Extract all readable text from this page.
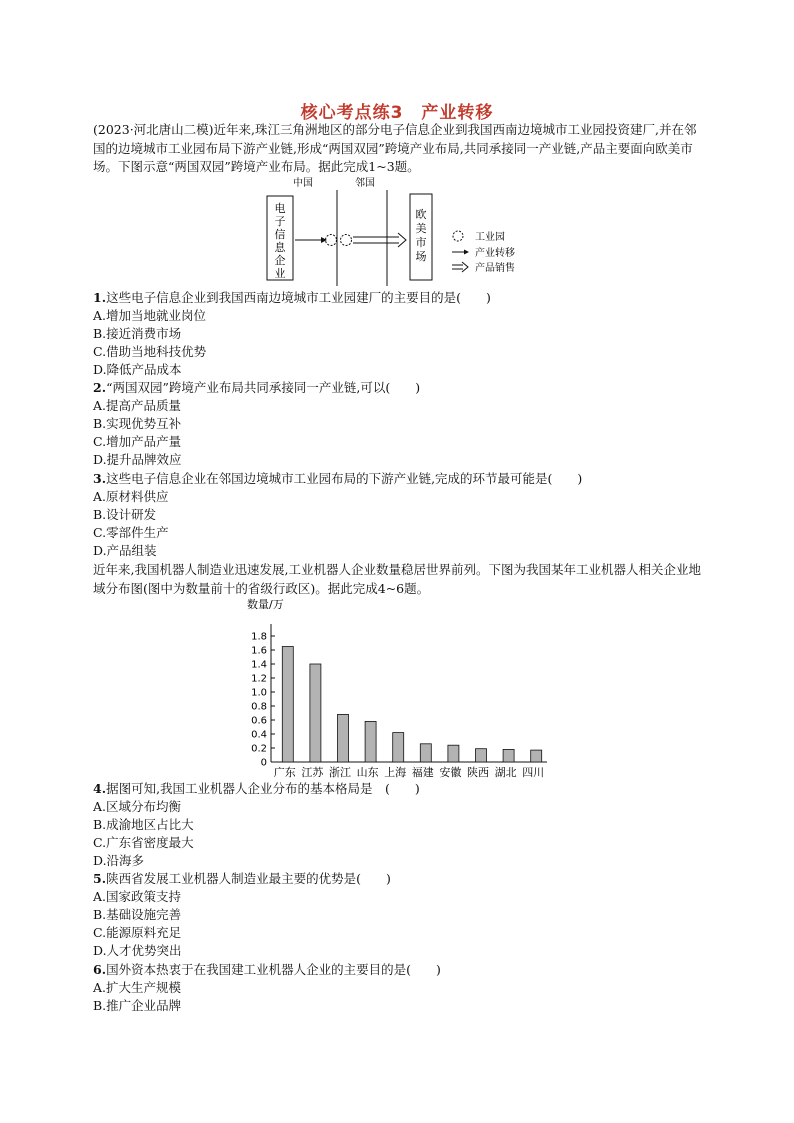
核心考点练3　产业转移
(2023·河北唐山二模)近年来,珠江三角洲地区的部分电子信息企业到我国西南边境城市工业园投资建厂,并在邻国的边境城市工业园布局下游产业链,形成“两国双园”跨境产业布局,共同承接同一产业链,产品主要面向欧美市场。下图示意“两国双园”跨境产业布局。据此完成1~3题。
中国	邻国
电
子
信
息
企
业
欧
美
市
场
工业园
产业转移
产品销售
1.这些电子信息企业到我国西南边境城市工业园建厂的主要目的是(　　)
A.增加当地就业岗位
B.接近消费市场
C.借助当地科技优势
D.降低产品成本
2.“两国双园”跨境产业布局共同承接同一产业链,可以(　　)
A.提高产品质量
B.实现优势互补
C.增加产品产量
D.提升品牌效应
3.这些电子信息企业在邻国边境城市工业园布局的下游产业链,完成的环节最可能是(　　)
A.原材料供应
B.设计研发
C.零部件生产
D.产品组装
近年来,我国机器人制造业迅速发展,工业机器人企业数量稳居世界前列。下图为我国某年工业机器人相关企业地域分布图(图中为数量前十的省级行政区)。据此完成4~6题。
数量/万
0
0.2
0.4
0.6
0.8
1.0
1.2
1.4
1.6
1.8
广东 江苏 浙江 山东 上海 福建 安徽 陕西 湖北 四川
4.据图可知,我国工业机器人企业分布的基本格局是　(　　)
A.区域分布均衡
B.成渝地区占比大
C.广东省密度最大
D.沿海多
5.陕西省发展工业机器人制造业最主要的优势是(　　)
A.国家政策支持
B.基础设施完善
C.能源原料充足
D.人才优势突出
6.国外资本热衷于在我国建工业机器人企业的主要目的是(　　)
A.扩大生产规模
B.推广企业品牌
